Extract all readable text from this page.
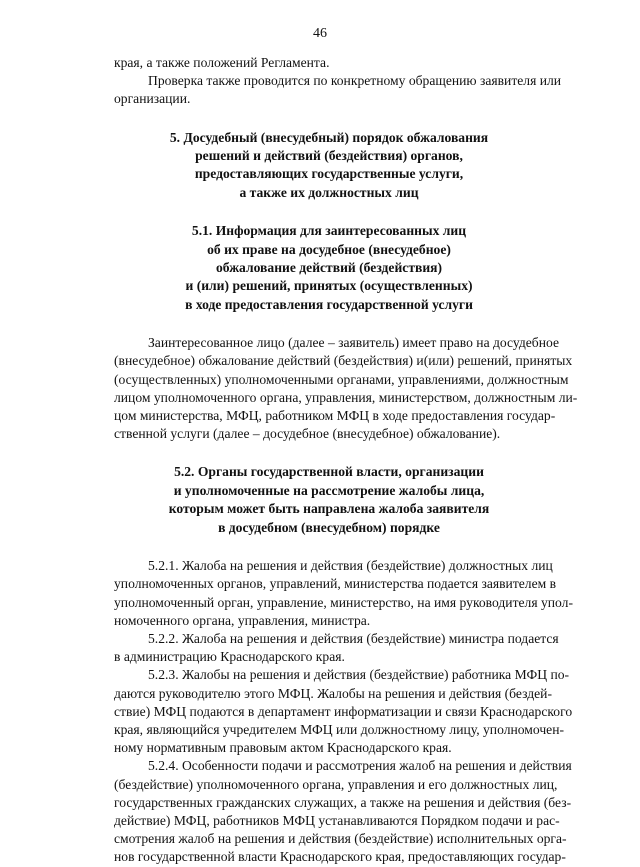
46
края, а также положений Регламента.
Проверка также проводится по конкретному обращению заявителя или
организации.
5. Досудебный (внесудебный) порядок обжалования
решений и действий (бездействия) органов,
предоставляющих государственные услуги,
а также их должностных лиц
5.1. Информация для заинтересованных лиц
об их праве на досудебное (внесудебное)
обжалование действий (бездействия)
и (или) решений, принятых (осуществленных)
в ходе предоставления государственной услуги
Заинтересованное лицо (далее – заявитель) имеет право на досудебное
(внесудебное) обжалование действий (бездействия) и(или) решений, принятых
(осуществленных) уполномоченными органами, управлениями, должностным
лицом уполномоченного органа, управления, министерством, должностным ли-
цом министерства, МФЦ, работником МФЦ в ходе предоставления государ-
ственной услуги (далее – досудебное (внесудебное) обжалование).
5.2. Органы государственной власти, организации
и уполномоченные на рассмотрение жалобы лица,
которым может быть направлена жалоба заявителя
в досудебном (внесудебном) порядке
5.2.1. Жалоба на решения и действия (бездействие) должностных лиц
уполномоченных органов, управлений, министерства подается заявителем в
уполномоченный орган, управление, министерство, на имя руководителя упол-
номоченного органа, управления, министра.
5.2.2. Жалоба на решения и действия (бездействие) министра подается
в администрацию Краснодарского края.
5.2.3. Жалобы на решения и действия (бездействие) работника МФЦ по-
даются руководителю этого МФЦ. Жалобы на решения и действия (бездей-
ствие) МФЦ подаются в департамент информатизации и связи Краснодарского
края, являющийся учредителем МФЦ или должностному лицу, уполномочен-
ному нормативным правовым актом Краснодарского края.
5.2.4. Особенности подачи и рассмотрения жалоб на решения и действия
(бездействие) уполномоченного органа, управления и его должностных лиц,
государственных гражданских служащих, а также на решения и действия (без-
действие) МФЦ, работников МФЦ устанавливаются Порядком подачи и рас-
смотрения жалоб на решения и действия (бездействие) исполнительных орга-
нов государственной власти Краснодарского края, предоставляющих государ-
